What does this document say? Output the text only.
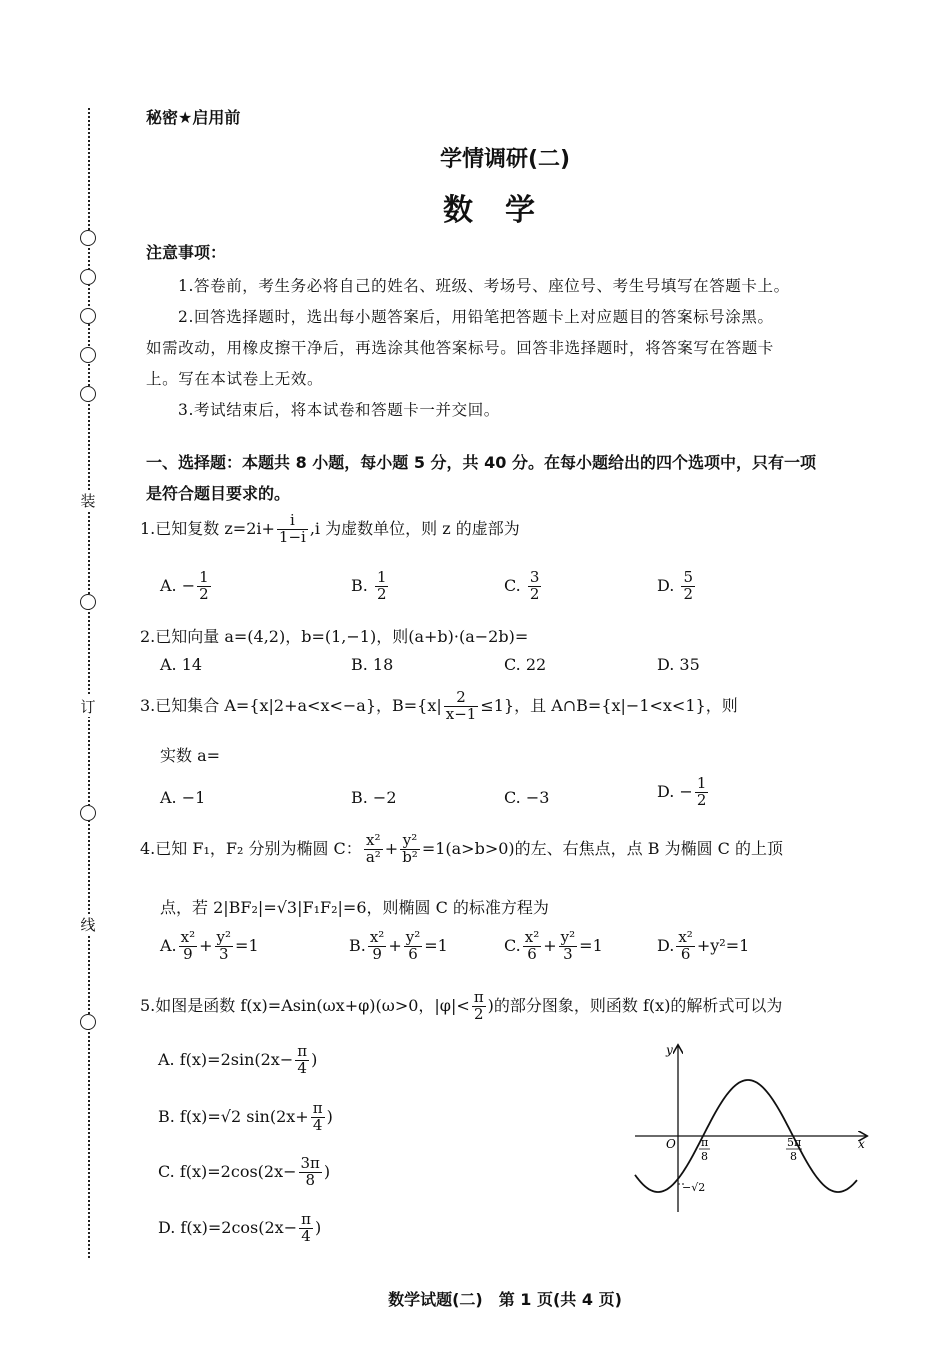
装
订
线
秘密★启用前
学情调研(二)
数学
注意事项：
1.答卷前，考生务必将自己的姓名、班级、考场号、座位号、考生号填写在答题卡上。
2.回答选择题时，选出每小题答案后，用铅笔把答题卡上对应题目的答案标号涂黑。
如需改动，用橡皮擦干净后，再选涂其他答案标号。回答非选择题时，将答案写在答题卡
上。写在本试卷上无效。
3.考试结束后，将本试卷和答题卡一并交回。
一、选择题：本题共 8 小题，每小题 5 分，共 40 分。在每小题给出的四个选项中，只有一项
是符合题目要求的。
1.已知复数 $z=2i+ \frac{i}{1-i} ,i$ 为虚数单位，则 z 的虚部为
A. − $\frac{1}{2}$	B. $\frac{1}{2}$	C. $\frac{3}{2}$	D. $\frac{5}{2}$
2.已知向量 a=(4,2)，b=(1,−1)，则(a+b)·(a−2b)=
A. 14	B. 18	C. 22	D. 35
3.已知集合 A={x|2+a<x<−a}，$B=\{x| \frac{2}{x-1} \le 1\}$，且 A∩B={x|−1<x<1}，则
实数 a=
A. −1	B. −2	C. −3	D. − $\frac{1}{2}$
4.已知 F₁，F₂ 分别为椭圆 C： $\frac{\text{x²}}{\text{a²}} + \frac{\text{y²}}{\text{b²}} =1(a>b>0)$的左、右焦点，点 B 为椭圆 C 的上顶
点，若 2|BF₂|=√3|F₁F₂|=6，则椭圆 C 的标准方程为
A. $\frac{\text{x²}}{9} + \frac{\text{y²}}{3} =1$	B. $\frac{\text{x²}}{9} + \frac{\text{y²}}{6} =1$	C. $\frac{\text{x²}}{6} + \frac{\text{y²}}{3} =1$	D. $\frac{\text{x²}}{6} +y^2=1$
5.如图是函数 f(x)=Asin(ωx+φ)(ω>0，$|\varphi|< \frac{\pi}{2}$ )的部分图象，则函数 f(x)的解析式可以为
A. $f(x)=2\sin(2x- \frac{\pi}{4}$ )
B. f(x)=√2 $\sin(2x+ \frac{\pi}{4}$ )
C. $f(x)=2\cos(2x- \frac{3\pi}{8}$ )
D. $f(x)=2\cos(2x- \frac{\pi}{4}$ )
y
x
O π
8
5π
8
−√2
数学试题(二)　第 1 页(共 4 页)
